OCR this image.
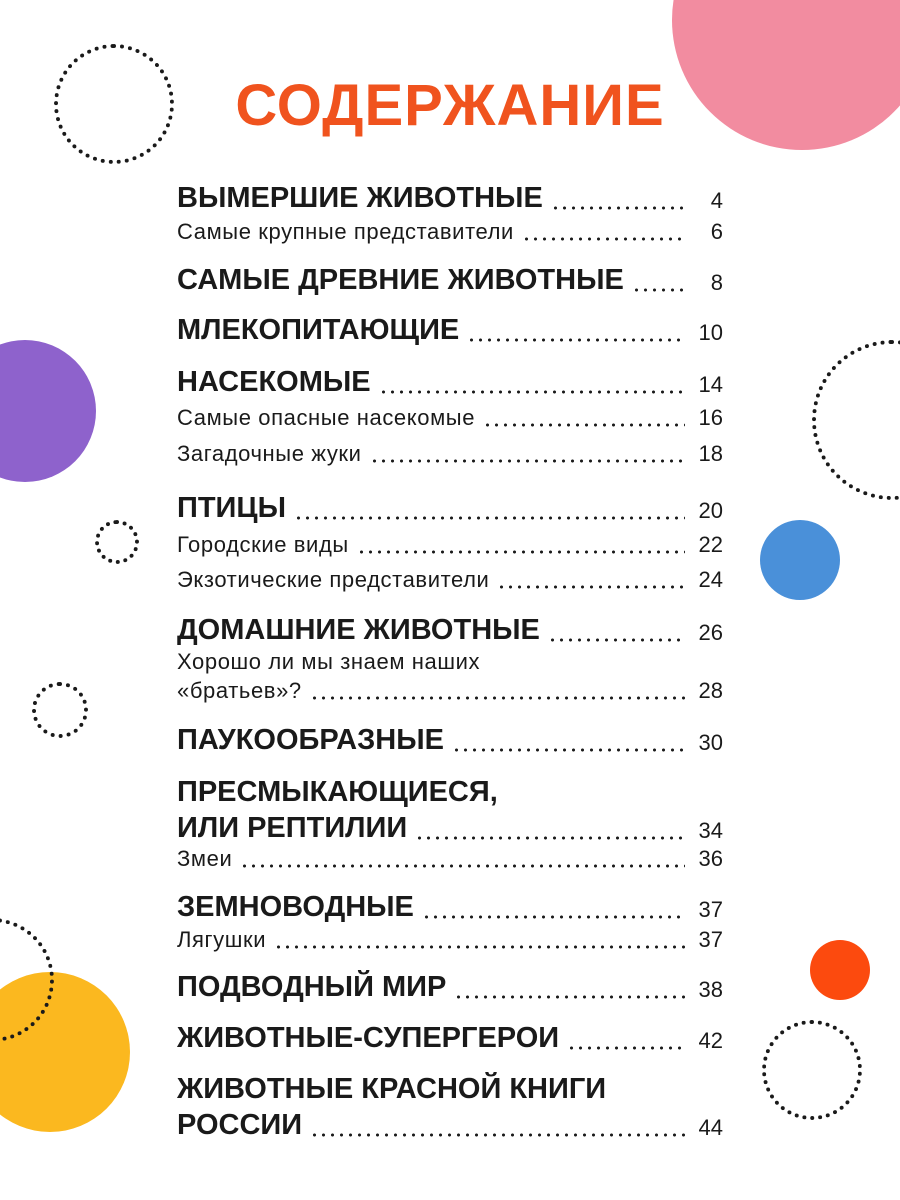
СОДЕРЖАНИЕ
ВЫМЕРШИЕ ЖИВОТНЫЕ	4
Самые крупные представители	6
САМЫЕ ДРЕВНИЕ ЖИВОТНЫЕ	8
МЛЕКОПИТАЮЩИЕ	10
НАСЕКОМЫЕ	14
Самые опасные насекомые	16
Загадочные жуки	18
ПТИЦЫ	20
Городские виды	22
Экзотические представители	24
ДОМАШНИЕ ЖИВОТНЫЕ	26
Хорошо ли мы знаем наших
«братьев»?	28
ПАУКООБРАЗНЫЕ	30
ПРЕСМЫКАЮЩИЕСЯ,
ИЛИ РЕПТИЛИИ	34
Змеи	36
ЗЕМНОВОДНЫЕ	37
Лягушки	37
ПОДВОДНЫЙ МИР	38
ЖИВОТНЫЕ-СУПЕРГЕРОИ	42
ЖИВОТНЫЕ КРАСНОЙ КНИГИ
РОССИИ	44
